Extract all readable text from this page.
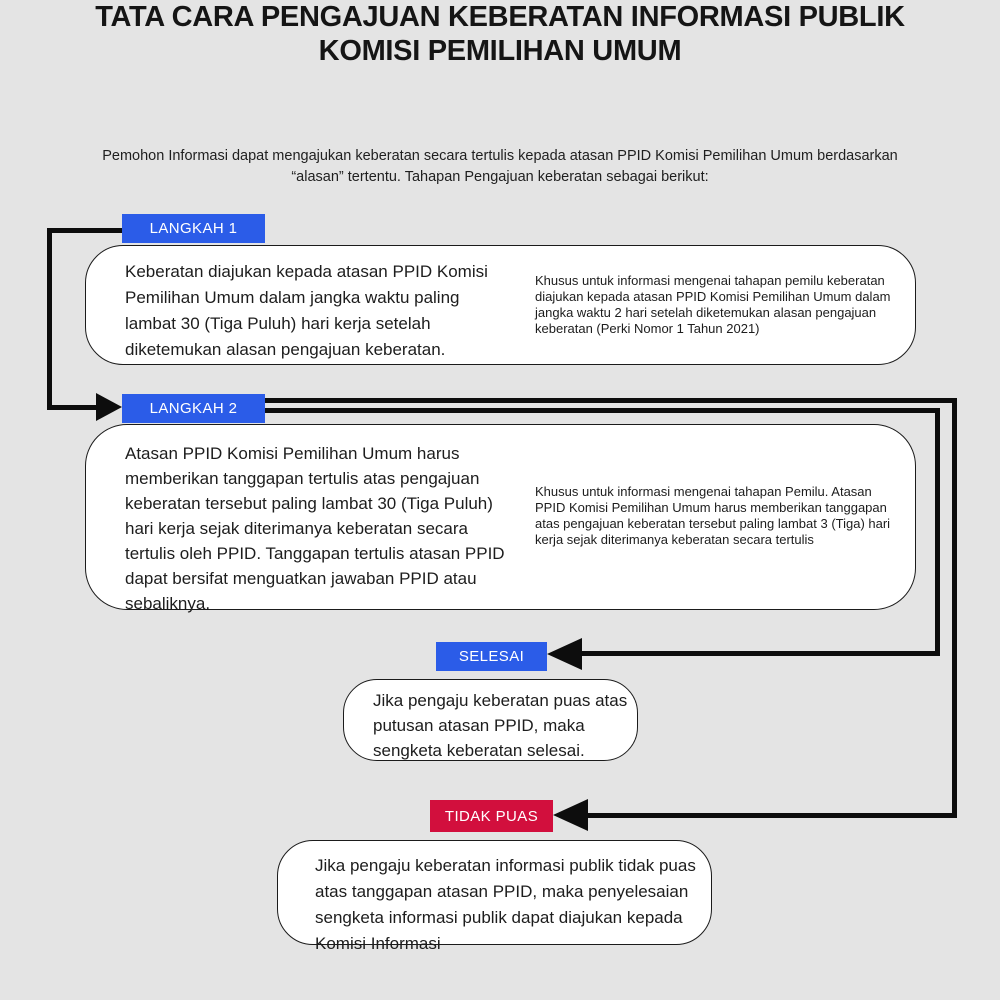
TATA CARA PENGAJUAN KEBERATAN INFORMASI PUBLIK
KOMISI PEMILIHAN UMUM
Pemohon Informasi dapat mengajukan keberatan secara tertulis kepada atasan PPID Komisi Pemilihan Umum berdasarkan “alasan” tertentu. Tahapan Pengajuan keberatan sebagai berikut:
LANGKAH 1
Keberatan diajukan kepada atasan PPID Komisi Pemilihan Umum dalam jangka waktu paling lambat 30 (Tiga Puluh) hari kerja setelah diketemukan alasan pengajuan keberatan.
Khusus untuk informasi mengenai tahapan pemilu keberatan diajukan kepada atasan PPID Komisi Pemilihan Umum dalam jangka waktu 2 hari setelah diketemukan alasan pengajuan keberatan (Perki Nomor 1 Tahun 2021)
LANGKAH 2
Atasan PPID Komisi Pemilihan Umum harus memberikan tanggapan tertulis atas pengajuan keberatan tersebut paling lambat 30 (Tiga Puluh) hari kerja sejak diterimanya keberatan secara tertulis oleh PPID. Tanggapan tertulis atasan PPID dapat bersifat menguatkan jawaban PPID atau sebaliknya.
Khusus untuk informasi mengenai tahapan Pemilu. Atasan PPID Komisi Pemilihan Umum harus memberikan tanggapan atas pengajuan keberatan tersebut paling lambat 3 (Tiga) hari kerja sejak diterimanya keberatan secara tertulis
SELESAI
Jika pengaju keberatan puas atas putusan atasan PPID, maka sengketa keberatan selesai.
TIDAK PUAS
Jika pengaju keberatan informasi publik tidak puas atas tanggapan atasan PPID, maka penyelesaian sengketa informasi publik dapat diajukan kepada Komisi Informasi
